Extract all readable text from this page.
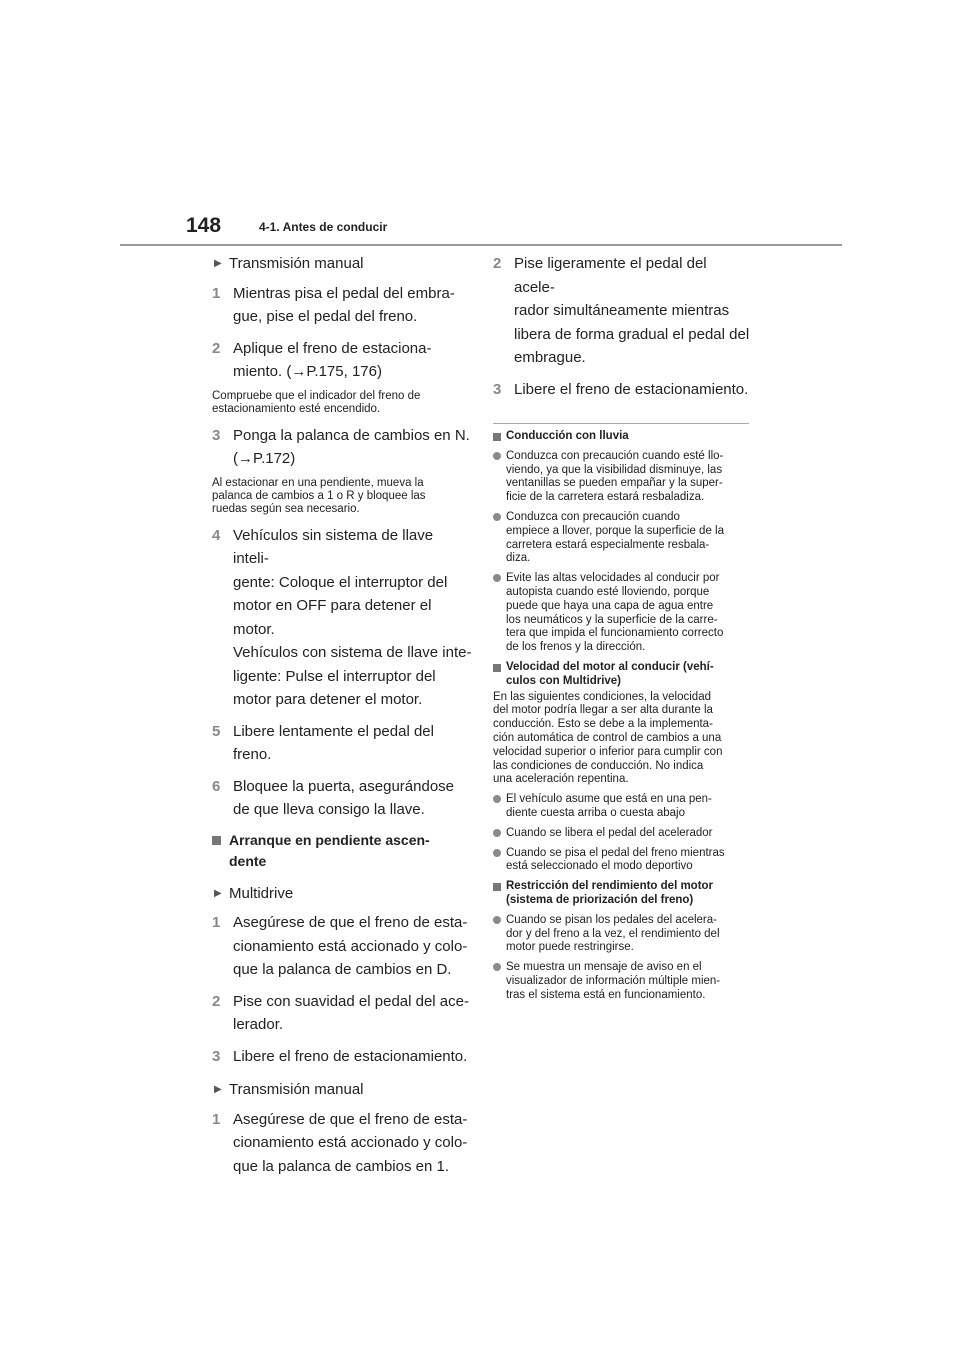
148	4-1. Antes de conducir
▶ Transmisión manual
1 Mientras pisa el pedal del embra-
gue, pise el pedal del freno.
2 Aplique el freno de estaciona-
miento. (→P.175, 176)
Compruebe que el indicador del freno de
estacionamiento esté encendido.
3 Ponga la palanca de cambios en N.
(→P.172)
Al estacionar en una pendiente, mueva la
palanca de cambios a 1 o R y bloquee las
ruedas según sea necesario.
4 Vehículos sin sistema de llave inteli-
gente: Coloque el interruptor del
motor en OFF para detener el
motor.
Vehículos con sistema de llave inte-
ligente: Pulse el interruptor del
motor para detener el motor.
5 Libere lentamente el pedal del
freno.
6 Bloquee la puerta, asegurándose
de que lleva consigo la llave.
Arranque en pendiente ascen-
dente
▶ Multidrive
1 Asegúrese de que el freno de esta-
cionamiento está accionado y colo-
que la palanca de cambios en D.
2 Pise con suavidad el pedal del ace-
lerador.
3 Libere el freno de estacionamiento.
▶ Transmisión manual
1 Asegúrese de que el freno de esta-
cionamiento está accionado y colo-
que la palanca de cambios en 1.
2 Pise ligeramente el pedal del acele-
rador simultáneamente mientras
libera de forma gradual el pedal del
embrague.
3 Libere el freno de estacionamiento.
Conducción con lluvia
Conduzca con precaución cuando esté llo-
viendo, ya que la visibilidad disminuye, las
ventanillas se pueden empañar y la super-
ficie de la carretera estará resbaladiza.
Conduzca con precaución cuando
empiece a llover, porque la superficie de la
carretera estará especialmente resbala-
diza.
Evite las altas velocidades al conducir por
autopista cuando esté lloviendo, porque
puede que haya una capa de agua entre
los neumáticos y la superficie de la carre-
tera que impida el funcionamiento correcto
de los frenos y la dirección.
Velocidad del motor al conducir (vehí-
culos con Multidrive)
En las siguientes condiciones, la velocidad
del motor podría llegar a ser alta durante la
conducción. Esto se debe a la implementa-
ción automática de control de cambios a una
velocidad superior o inferior para cumplir con
las condiciones de conducción. No indica
una aceleración repentina.
El vehículo asume que está en una pen-
diente cuesta arriba o cuesta abajo
Cuando se libera el pedal del acelerador
Cuando se pisa el pedal del freno mientras
está seleccionado el modo deportivo
Restricción del rendimiento del motor
(sistema de priorización del freno)
Cuando se pisan los pedales del acelera-
dor y del freno a la vez, el rendimiento del
motor puede restringirse.
Se muestra un mensaje de aviso en el
visualizador de información múltiple mien-
tras el sistema está en funcionamiento.
